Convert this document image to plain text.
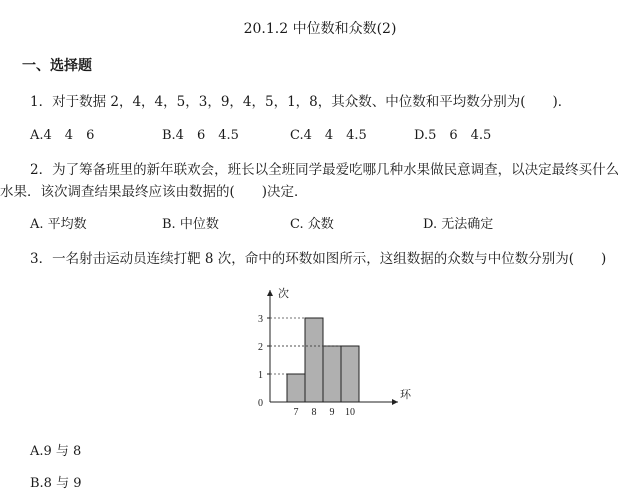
20.1.2 中位数和众数(2)
一、选择题
1．对于数据 2，4，4，5，3，9，4，5，1，8，其众数、中位数和平均数分别为(　　)．
A.4　4　6	B.4　6　4.5	C.4　4　4.5	D.5　6　4.5
2．为了筹备班里的新年联欢会，班长以全班同学最爱吃哪几种水果做民意调查，以决定最终买什么
水果．该次调查结果最终应该由数据的(　　)决定．
A. 平均数	B. 中位数	C. 众数	D. 无法确定
3．一名射击运动员连续打靶 8 次，命中的环数如图所示，这组数据的众数与中位数分别为(　　)
次
环
0
1
2
3
7 8 9 10
A.9 与 8
B.8 与 9
